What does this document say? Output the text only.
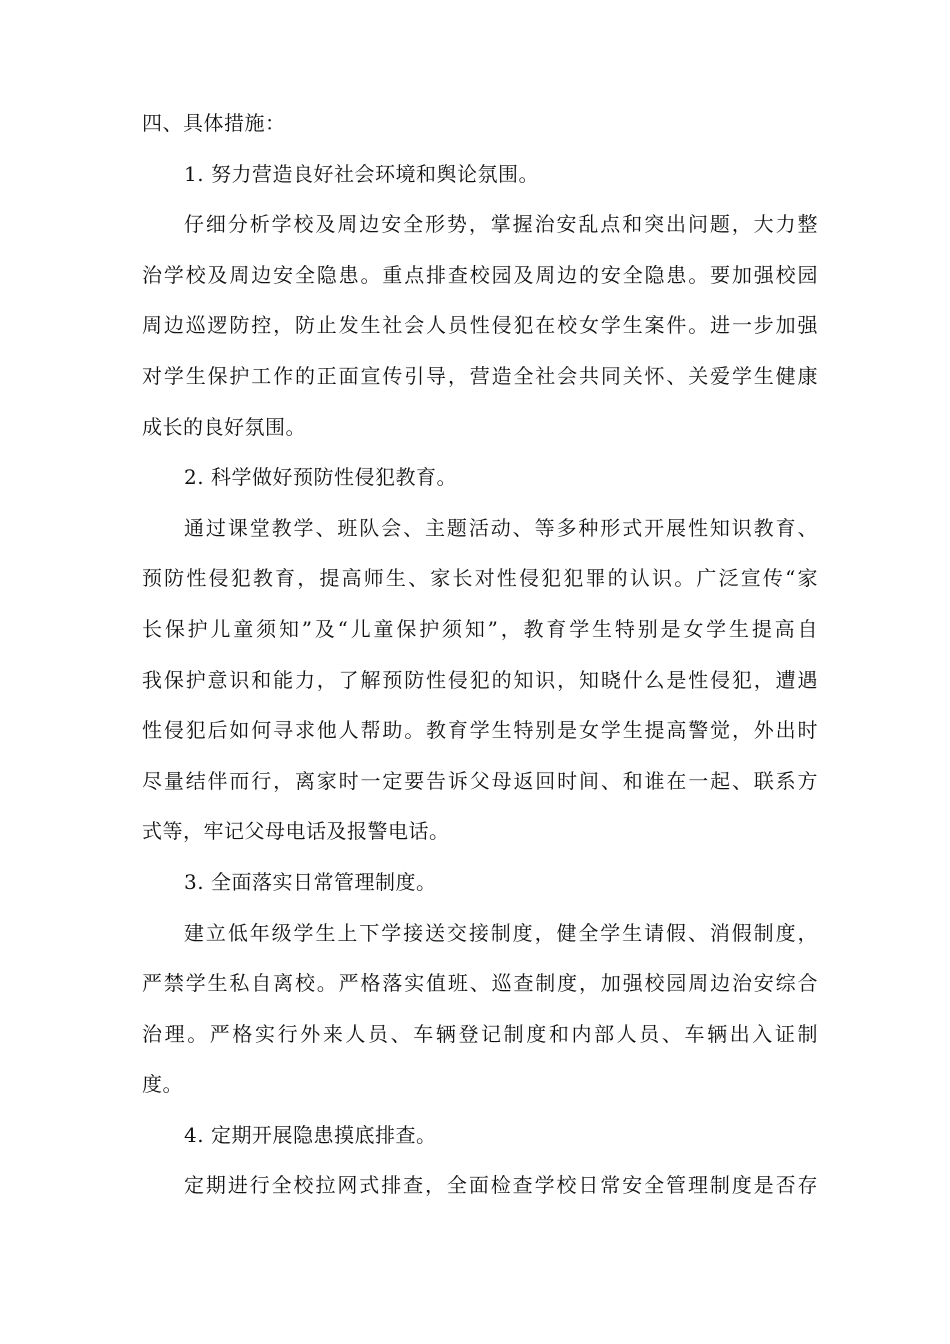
四、具体措施：
1. 努力营造良好社会环境和舆论氛围。
仔细分析学校及周边安全形势，掌握治安乱点和突出问题，大力整
治学校及周边安全隐患。重点排查校园及周边的安全隐患。要加强校园
周边巡逻防控，防止发生社会人员性侵犯在校女学生案件。进一步加强
对学生保护工作的正面宣传引导，营造全社会共同关怀、关爱学生健康
成长的良好氛围。
2. 科学做好预防性侵犯教育。
通过课堂教学、班队会、主题活动、等多种形式开展性知识教育、
预防性侵犯教育，提高师生、家长对性侵犯犯罪的认识。广泛宣传“家
长保护儿童须知”及“儿童保护须知”，教育学生特别是女学生提高自
我保护意识和能力，了解预防性侵犯的知识，知晓什么是性侵犯，遭遇
性侵犯后如何寻求他人帮助。教育学生特别是女学生提高警觉，外出时
尽量结伴而行，离家时一定要告诉父母返回时间、和谁在一起、联系方
式等，牢记父母电话及报警电话。
3. 全面落实日常管理制度。
建立低年级学生上下学接送交接制度，健全学生请假、消假制度，
严禁学生私自离校。严格落实值班、巡查制度，加强校园周边治安综合
治理。严格实行外来人员、车辆登记制度和内部人员、车辆出入证制
度。
4. 定期开展隐患摸底排查。
定期进行全校拉网式排查，全面检查学校日常安全管理制度是否存
